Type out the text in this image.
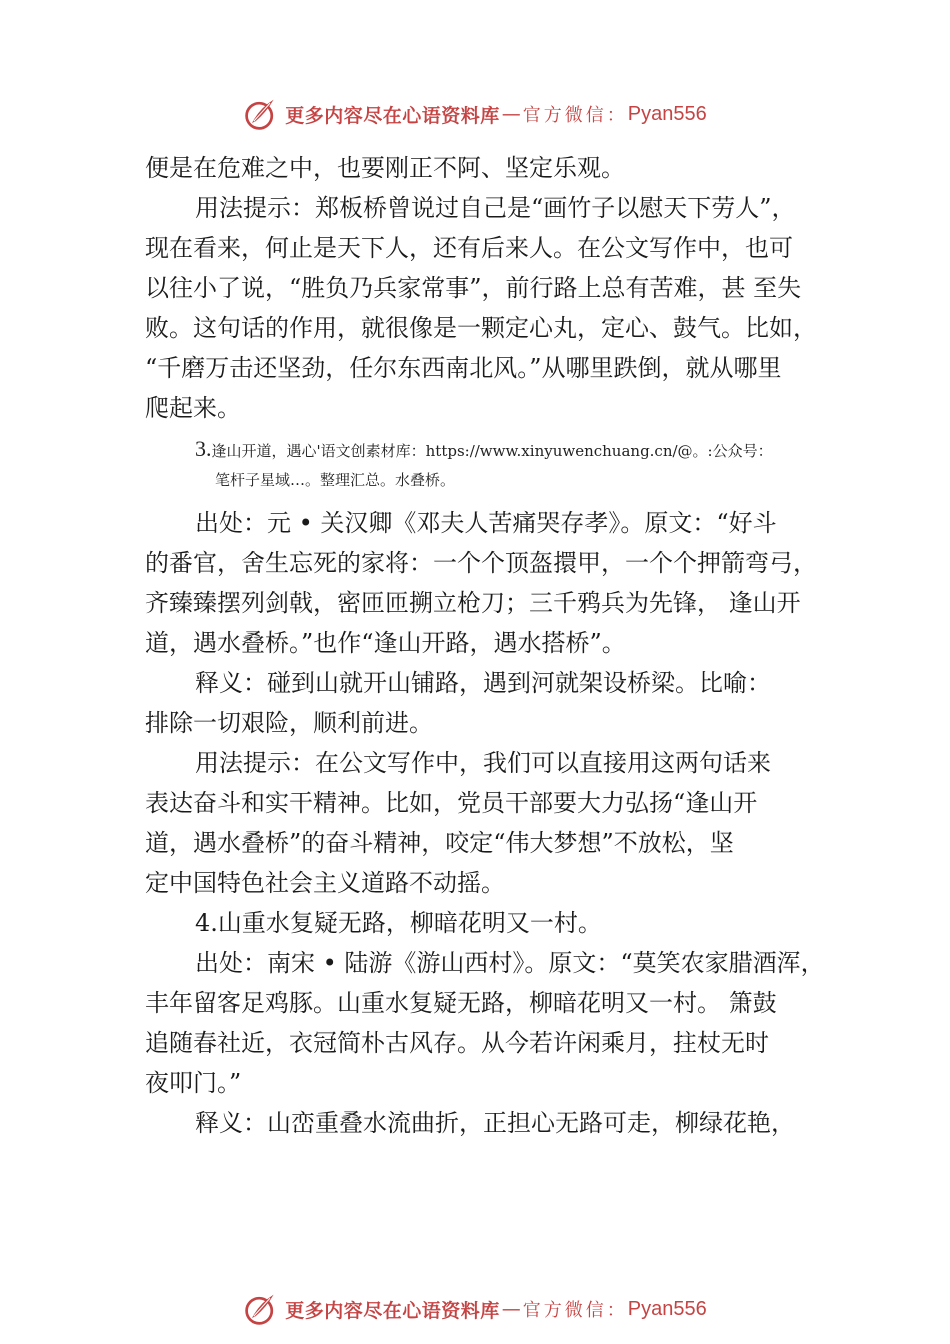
更多内容尽在心语资料库 — 官方微信： Pyan556
便是在危难之中，也要刚正不阿、坚定乐观。
用法提示：郑板桥曾说过自己是“画竹子以慰天下劳人”，
现在看来，何止是天下人，还有后来人。在公文写作中，也可
以往小了说，“胜负乃兵家常事”，前行路上总有苦难，甚 至失
败。这句话的作用，就很像是一颗定心丸，定心、鼓气。比如，
“千磨万击还坚劲，任尔东西南北风。”从哪里跌倒，就从哪里
爬起来。
3.逢山开道，遇心'语文创素材库：https://www.xinyuwenchuang.cn/@。:公众号：
笔杆子星域…。整理汇总。水叠桥。
出处：元 • 关汉卿《邓夫人苦痛哭存孝》。原文：“好斗
的番官，舍生忘死的家将：一个个顶盔擐甲，一个个押箭弯弓，
齐臻臻摆列剑戟，密匝匝搠立枪刀；三千鸦兵为先锋， 逢山开
道，遇水叠桥。”也作“逢山开路，遇水搭桥”。
释义：碰到山就开山铺路，遇到河就架设桥梁。比喻：
排除一切艰险，顺利前进。
用法提示：在公文写作中，我们可以直接用这两句话来
表达奋斗和实干精神。比如，党员干部要大力弘扬“逢山开
道，遇水叠桥”的奋斗精神，咬定“伟大梦想”不放松，坚
定中国特色社会主义道路不动摇。
4.山重水复疑无路，柳暗花明又一村。
出处：南宋 • 陆游《游山西村》。原文：“莫笑农家腊酒浑，
丰年留客足鸡豚。山重水复疑无路，柳暗花明又一村。 箫鼓
追随春社近，衣冠简朴古风存。从今若许闲乘月，拄杖无时
夜叩门。”
释义：山峦重叠水流曲折，正担心无路可走，柳绿花艳，
更多内容尽在心语资料库 — 官方微信： Pyan556
